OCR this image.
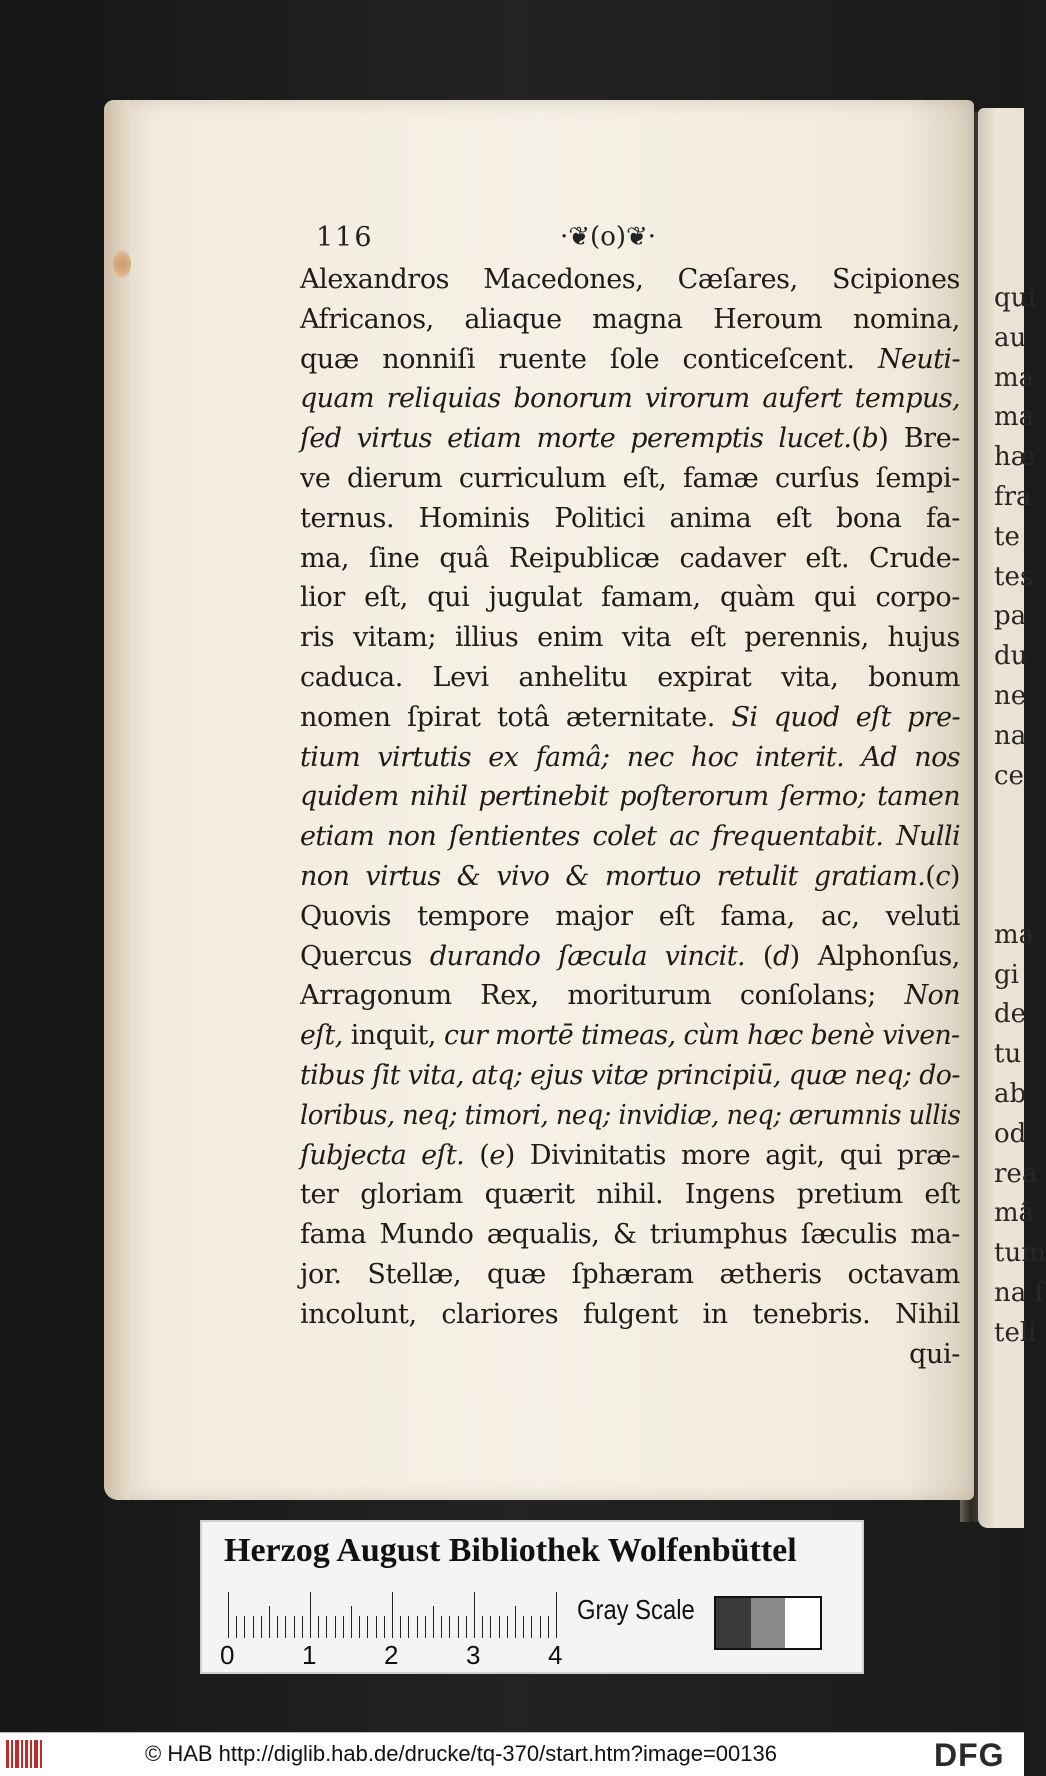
qui
au
ma
ma
hæ
fra
te
tes
pa
du
ne
na
ce
ma
gi
de
tu
ab
od
rea
mâ
tum
na f
teli
116	·❦(o)❦·
Alexandros Macedones, Cæſares, Scipiones
Africanos, aliaque magna Heroum nomina,
quæ nonniſi ruente ſole conticeſcent. Neuti-
quam reliquias bonorum virorum aufert tempus,
ſed virtus etiam morte peremptis lucet.(b) Bre-
ve dierum curriculum eſt, famæ curſus ſempi-
ternus. Hominis Politici anima eſt bona fa-
ma, ſine quâ Reipublicæ cadaver eſt. Crude-
lior eſt, qui jugulat famam, quàm qui corpo-
ris vitam; illius enim vita eſt perennis, hujus
caduca. Levi anhelitu expirat vita, bonum
nomen ſpirat totâ æternitate. Si quod eſt pre-
tium virtutis ex famâ; nec hoc interit. Ad nos
quidem nihil pertinebit poſterorum ſermo; tamen
etiam non ſentientes colet ac frequentabit. Nulli
non virtus & vivo & mortuo retulit gratiam.(c)
Quovis tempore major eſt fama, ac, veluti
Quercus durando ſæcula vincit. (d) Alphonſus,
Arragonum Rex, moriturum conſolans; Non
eſt, inquit, cur mortē timeas, cùm hæc benè viven-
tibus ſit vita, atq; ejus vitæ principiū, quæ neq; do-
loribus, neq; timori, neq; invidiæ, neq; ærumnis ullis
ſubjecta eſt. (e) Divinitatis more agit, qui præ-
ter gloriam quærit nihil. Ingens pretium eſt
fama Mundo æqualis, & triumphus ſæculis ma-
jor. Stellæ, quæ ſphæram ætheris octavam
incolunt, clariores fulgent in tenebris. Nihil
qui-
Herzog August Bibliothek Wolfenbüttel
0	1	2	3	4
Gray Scale
© HAB http://diglib.hab.de/drucke/tq-370/start.htm?image=00136	DFG
